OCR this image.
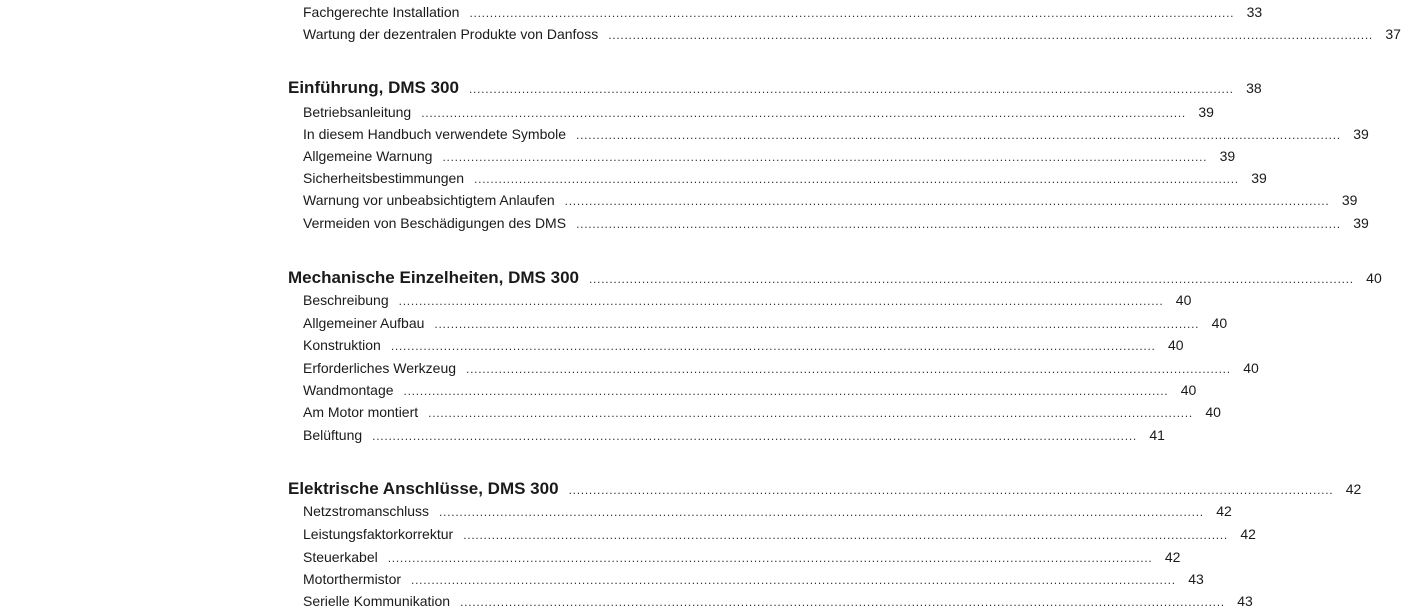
Fachgerechte Installation . . .	33
Wartung der dezentralen Produkte von Danfoss . . .	37
Einführung, DMS 300 . . .	38
Betriebsanleitung . . .	39
In diesem Handbuch verwendete Symbole . . .	39
Allgemeine Warnung . . .	39
Sicherheitsbestimmungen . . .	39
Warnung vor unbeabsichtigtem Anlaufen . . .	39
Vermeiden von Beschädigungen des DMS . . .	39
Mechanische Einzelheiten, DMS 300 . . .	40
Beschreibung . . .	40
Allgemeiner Aufbau . . .	40
Konstruktion . . .	40
Erforderliches Werkzeug . . .	40
Wandmontage . . .	40
Am Motor montiert . . .	40
Belüftung . . .	41
Elektrische Anschlüsse, DMS 300 . . .	42
Netzstromanschluss . . .	42
Leistungsfaktorkorrektur . . .	42
Steuerkabel . . .	42
Motorthermistor . . .	43
Serielle Kommunikation . . .	43
